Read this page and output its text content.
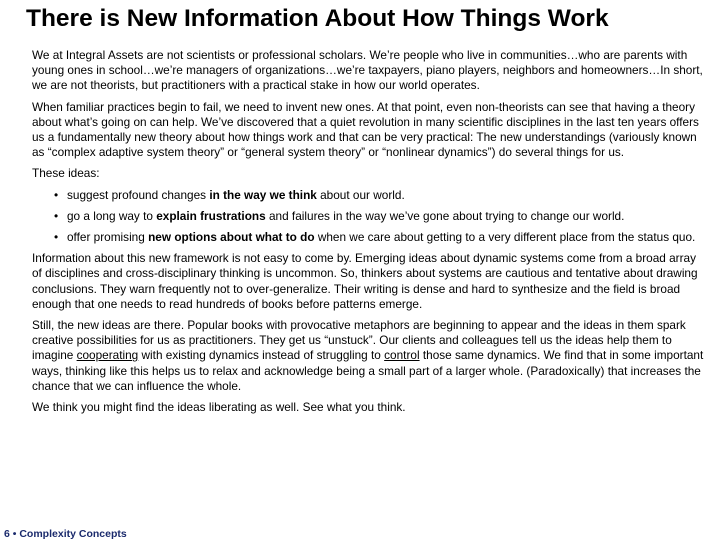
There is New Information About How Things Work

We at Integral Assets are not scientists or professional scholars. We’re people who live in communities…who are parents with young ones in school…we’re managers of organizations…we’re taxpayers, piano players, neighbors and homeowners…In short, we are not theorists, but practitioners with a practical stake in how our world operates.

When familiar practices begin to fail, we need to invent new ones. At that point, even non-theorists can see that having a theory about what’s going on can help. We’ve discovered that a quiet revolution in many scientific disciplines in the last ten years offers us a fundamentally new theory about how things work and that can be very practical: The new understandings (variously known as “complex adaptive system theory” or “general system theory” or “nonlinear dynamics”) do several things for us.

These ideas:

• suggest profound changes in the way we think about our world.
• go a long way to explain frustrations and failures in the way we’ve gone about trying to change our world.
• offer promising new options about what to do when we care about getting to a very different place from the status quo.

Information about this new framework is not easy to come by. Emerging ideas about dynamic systems come from a broad array of disciplines and cross-disciplinary thinking is uncommon. So, thinkers about systems are cautious and tentative about drawing conclusions. They warn frequently not to over-generalize. Their writing is dense and hard to synthesize and the field is broad enough that one needs to read hundreds of books before patterns emerge.

Still, the new ideas are there. Popular books with provocative metaphors are beginning to appear and the ideas in them spark creative possibilities for us as practitioners. They get us “unstuck”. Our clients and colleagues tell us the ideas help them to imagine cooperating with existing dynamics instead of struggling to control those same dynamics. We find that in some important ways, thinking like this helps us to relax and acknowledge being a small part of a larger whole. (Paradoxically) that increases the chance that we can influence the whole.

We think you might find the ideas liberating as well. See what you think.

6 • Complexity Concepts
